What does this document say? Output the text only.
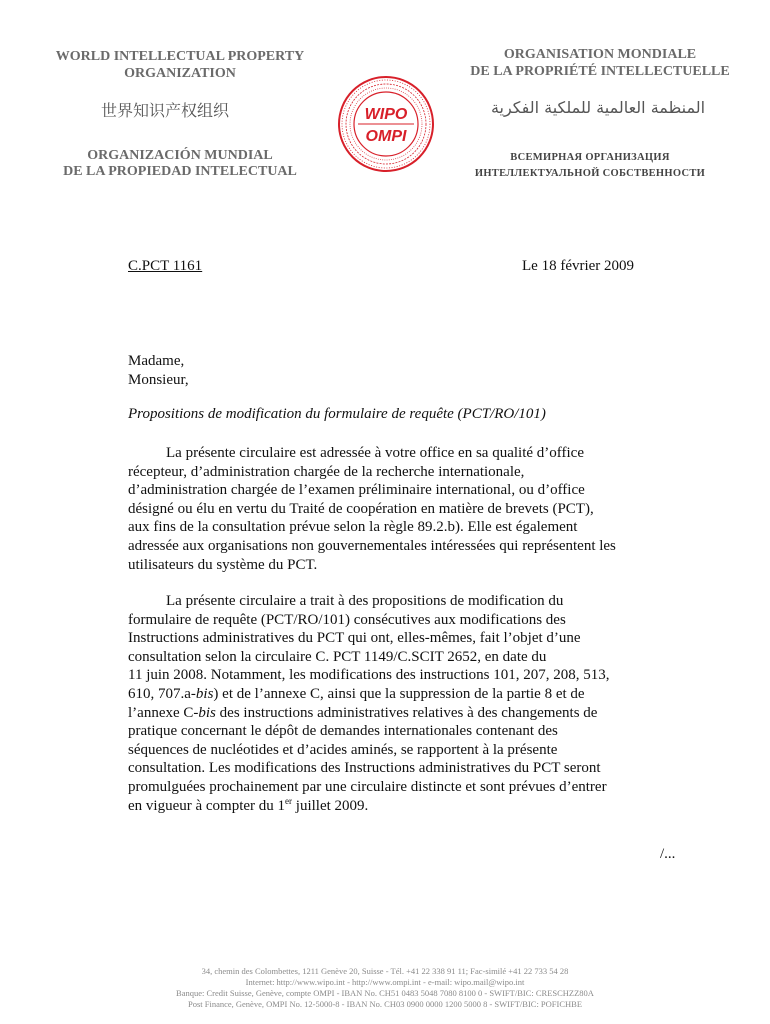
WORLD INTELLECTUAL PROPERTY
ORGANIZATION
ORGANISATION MONDIALE
DE LA PROPRIÉTÉ INTELLECTUELLE
世界知识产权组织	المنظمة العالمية للملكية الفكرية
ORGANIZACIÓN MUNDIAL
DE LA PROPIEDAD INTELECTUAL
ВСЕМИРНАЯ ОРГАНИЗАЦИЯ
ИНТЕЛЛЕКТУАЛЬНОЙ СОБСТВЕННОСТИ
WIPO
OMPI
C.PCT 1161	Le 18 février 2009
Madame,
Monsieur,
Propositions de modification du formulaire de requête (PCT/RO/101)
La présente circulaire est adressée à votre office en sa qualité d’office
récepteur, d’administration chargée de la recherche internationale,
d’administration chargée de l’examen préliminaire international, ou d’office
désigné ou élu en vertu du Traité de coopération en matière de brevets (PCT),
aux fins de la consultation prévue selon la règle 89.2.b). Elle est également
adressée aux organisations non gouvernementales intéressées qui représentent les
utilisateurs du système du PCT.
La présente circulaire a trait à des propositions de modification du
formulaire de requête (PCT/RO/101) consécutives aux modifications des
Instructions administratives du PCT qui ont, elles-mêmes, fait l’objet d’une
consultation selon la circulaire C. PCT 1149/C.SCIT 2652, en date du
11 juin 2008. Notamment, les modifications des instructions 101, 207, 208, 513,
610, 707.a-bis) et de l’annexe C, ainsi que la suppression de la partie 8 et de
l’annexe C-bis des instructions administratives relatives à des changements de
pratique concernant le dépôt de demandes internationales contenant des
séquences de nucléotides et d’acides aminés, se rapportent à la présente
consultation. Les modifications des Instructions administratives du PCT seront
promulguées prochainement par une circulaire distincte et sont prévues d’entrer
en vigueur à compter du 1er juillet 2009.
/...
34, chemin des Colombettes, 1211 Genève 20, Suisse - Tél. +41 22 338 91 11; Fac-similé +41 22 733 54 28
Internet: http://www.wipo.int - http://www.ompi.int - e-mail: wipo.mail@wipo.int
Banque: Credit Suisse, Genève, compte OMPI - IBAN No. CH51 0483 5048 7080 8100 0 - SWIFT/BIC: CRESCHZZ80A
Post Finance, Genève, OMPI No. 12-5000-8 - IBAN No. CH03 0900 0000 1200 5000 8 - SWIFT/BIC: POFICHBE
